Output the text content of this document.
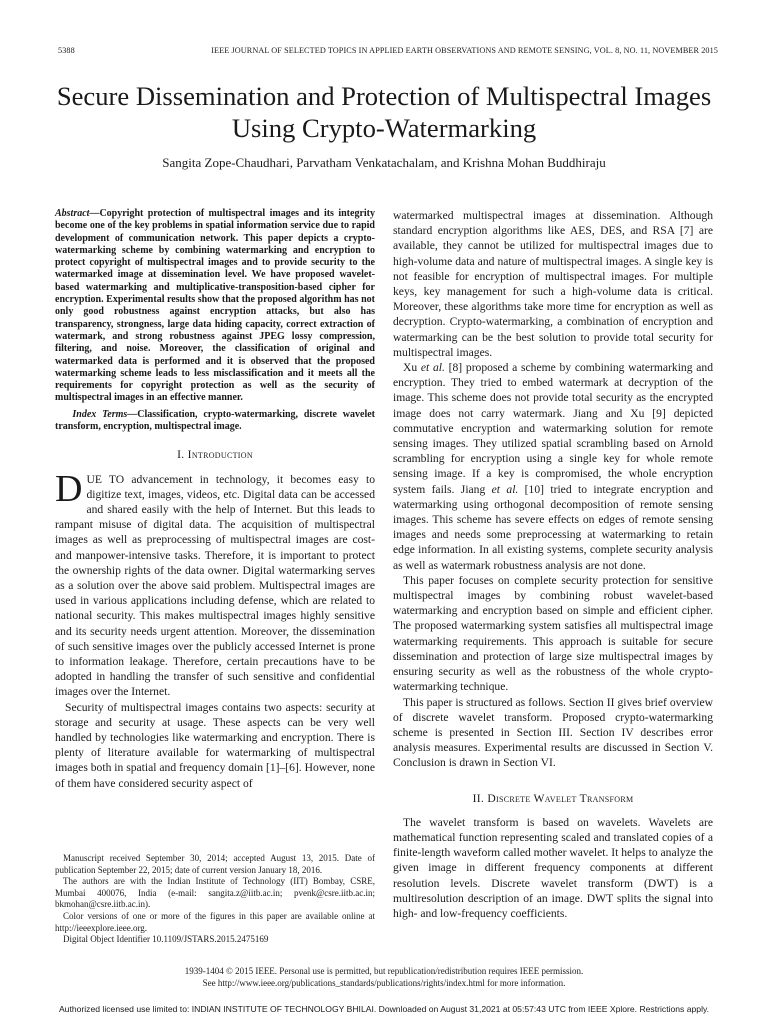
5388	IEEE JOURNAL OF SELECTED TOPICS IN APPLIED EARTH OBSERVATIONS AND REMOTE SENSING, VOL. 8, NO. 11, NOVEMBER 2015
Secure Dissemination and Protection of Multispectral Images Using Crypto-Watermarking
Sangita Zope-Chaudhari, Parvatham Venkatachalam, and Krishna Mohan Buddhiraju
Abstract—Copyright protection of multispectral images and its integrity become one of the key problems in spatial information service due to rapid development of communication network. This paper depicts a crypto-watermarking scheme by combining watermarking and encryption to protect copyright of multispectral images and to provide security to the watermarked image at dissemination level. We have proposed wavelet-based watermarking and multiplicative-transposition-based cipher for encryption. Experimental results show that the proposed algorithm has not only good robustness against encryption attacks, but also has transparency, strongness, large data hiding capacity, correct extraction of watermark, and strong robustness against JPEG lossy compression, filtering, and noise. Moreover, the classification of original and watermarked data is performed and it is observed that the proposed watermarking scheme leads to less misclassification and it meets all the requirements for copyright protection as well as the security of multispectral images in an effective manner.
Index Terms—Classification, crypto-watermarking, discrete wavelet transform, encryption, multispectral image.
I. Introduction

DUE TO advancement in technology, it becomes easy to digitize text, images, videos, etc. Digital data can be accessed and shared easily with the help of Internet. But this leads to rampant misuse of digital data. The acquisition of multispectral images as well as preprocessing of multispectral images are cost- and manpower-intensive tasks. Therefore, it is important to protect the ownership rights of the data owner. Digital watermarking serves as a solution over the above said problem. Multispectral images are used in various applications including defense, which are related to national security. This makes multispectral images highly sensitive and its security needs urgent attention. Moreover, the dissemination of such sensitive images over the publicly accessed Internet is prone to information leakage. Therefore, certain precautions have to be adopted in handling the transfer of such sensitive and confidential images over the Internet.

Security of multispectral images contains two aspects: security at storage and security at usage. These aspects can be very well handled by technologies like watermarking and encryption. There is plenty of literature available for watermarking of multispectral images both in spatial and frequency domain [1]–[6]. However, none of them have considered security aspect of

Manuscript received September 30, 2014; accepted August 13, 2015. Date of publication September 22, 2015; date of current version January 18, 2016.

The authors are with the Indian Institute of Technology (IIT) Bombay, CSRE, Mumbai 400076, India (e-mail: sangita.z@iitb.ac.in; pvenk@csre.iitb.ac.in; bkmohan@csre.iitb.ac.in).

Color versions of one or more of the figures in this paper are available online at http://ieeexplore.ieee.org.

Digital Object Identifier 10.1109/JSTARS.2015.2475169

watermarked multispectral images at dissemination. Although standard encryption algorithms like AES, DES, and RSA [7] are available, they cannot be utilized for multispectral images due to high-volume data and nature of multispectral images. A single key is not feasible for encryption of multispectral images. For multiple keys, key management for such a high-volume data is critical. Moreover, these algorithms take more time for encryption as well as decryption. Crypto-watermarking, a combination of encryption and watermarking can be the best solution to provide total security for multispectral images.

Xu et al. [8] proposed a scheme by combining watermarking and encryption. They tried to embed watermark at decryption of the image. This scheme does not provide total security as the encrypted image does not carry watermark. Jiang and Xu [9] depicted commutative encryption and watermarking solution for remote sensing images. They utilized spatial scrambling based on Arnold scrambling for encryption using a single key for whole remote sensing image. If a key is compromised, the whole encryption system fails. Jiang et al. [10] tried to integrate encryption and watermarking using orthogonal decomposition of remote sensing images. This scheme has severe effects on edges of remote sensing images and needs some preprocessing at watermarking to retain edge information. In all existing systems, complete security analysis as well as watermark robustness analysis are not done.

This paper focuses on complete security protection for sensitive multispectral images by combining robust wavelet-based watermarking and encryption based on simple and efficient cipher. The proposed watermarking system satisfies all multispectral image watermarking requirements. This approach is suitable for secure dissemination and protection of large size multispectral images by ensuring security as well as the robustness of the whole crypto-watermarking technique.

This paper is structured as follows. Section II gives brief overview of discrete wavelet transform. Proposed crypto-watermarking scheme is presented in Section III. Section IV describes error analysis measures. Experimental results are discussed in Section V. Conclusion is drawn in Section VI.

II. Discrete Wavelet Transform

The wavelet transform is based on wavelets. Wavelets are mathematical function representing scaled and translated copies of a finite-length waveform called mother wavelet. It helps to analyze the given image in different frequency components at different resolution levels. Discrete wavelet transform (DWT) is a multiresolution description of an image. DWT splits the signal into high- and low-frequency coefficients.

1939-1404 © 2015 IEEE. Personal use is permitted, but republication/redistribution requires IEEE permission.
See http://www.ieee.org/publications_standards/publications/rights/index.html for more information.
Authorized licensed use limited to: INDIAN INSTITUTE OF TECHNOLOGY BHILAI. Downloaded on August 31,2021 at 05:57:43 UTC from IEEE Xplore. Restrictions apply.
